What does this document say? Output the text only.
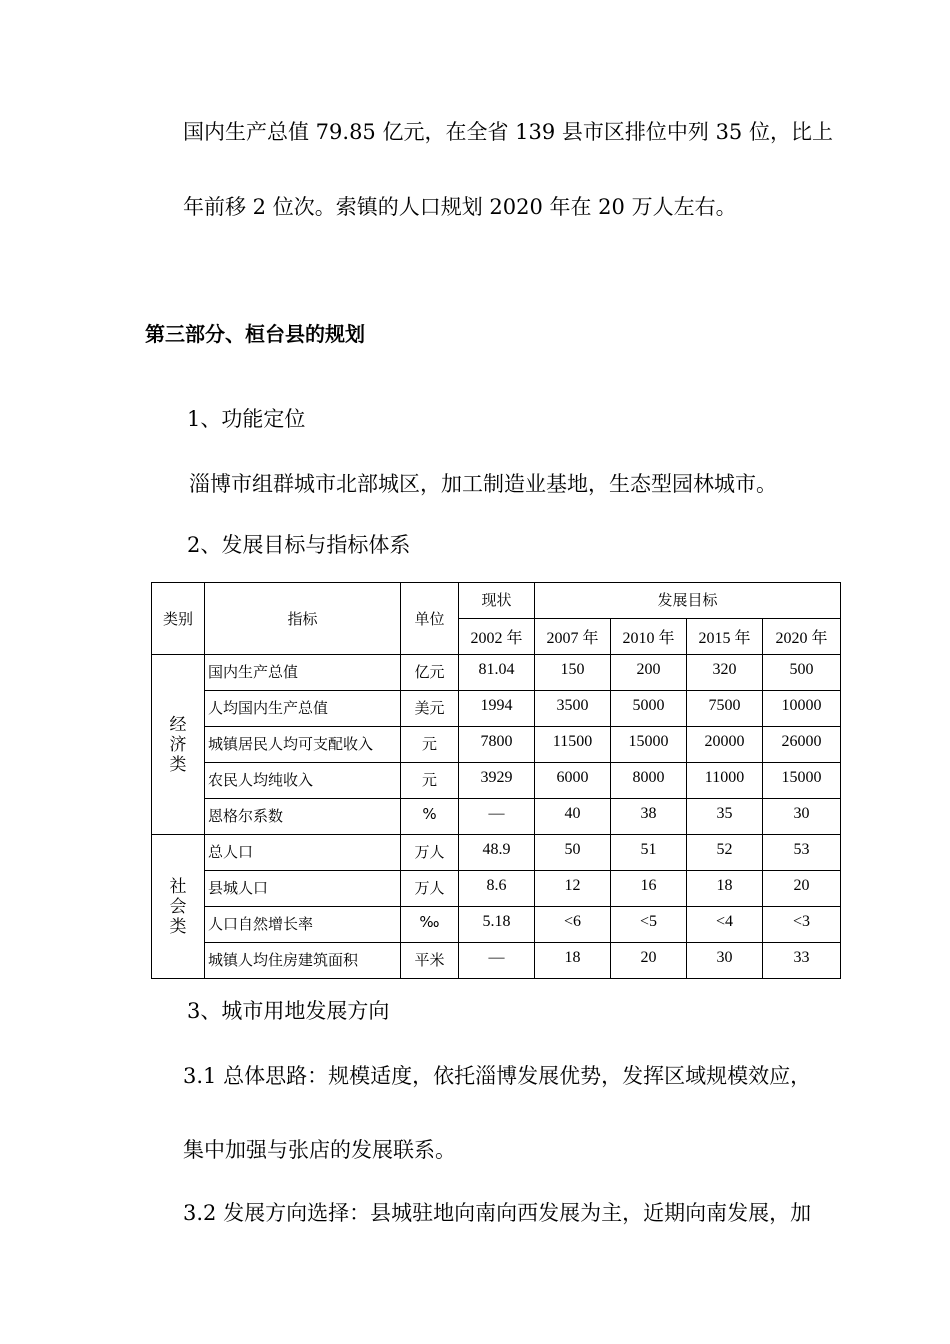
国内生产总值 79.85 亿元，在全省 139 县市区排位中列 35 位，比上
年前移 2 位次。索镇的人口规划 2020 年在 20 万人左右。
第三部分、桓台县的规划
1、功能定位
淄博市组群城市北部城区，加工制造业基地，生态型园林城市。
2、发展目标与指标体系
类别	指标	单位	现状	发展目标			
			2002 年	2007 年	2010 年	2015 年	2020 年

经
济
类	国内生产总值	亿元	81.04	150	200	320	500
	人均国内生产总值	美元	1994	3500	5000	7500	10000
	城镇居民人均可支配收入	元	7800	11500	15000	20000	26000
	农民人均纯收入	元	3929	6000	8000	11000	15000
	恩格尔系数	%	—	40	38	35	30

社
会
类	总人口	万人	48.9	50	51	52	53
	县城人口	万人	8.6	12	16	18	20
	人口自然增长率	‰	5.18	<6	<5	<4	<3
	城镇人均住房建筑面积	平米	—	18	20	30	33
3、城市用地发展方向
3.1 总体思路：规模适度，依托淄博发展优势，发挥区域规模效应，
集中加强与张店的发展联系。
3.2 发展方向选择：县城驻地向南向西发展为主，近期向南发展，加
